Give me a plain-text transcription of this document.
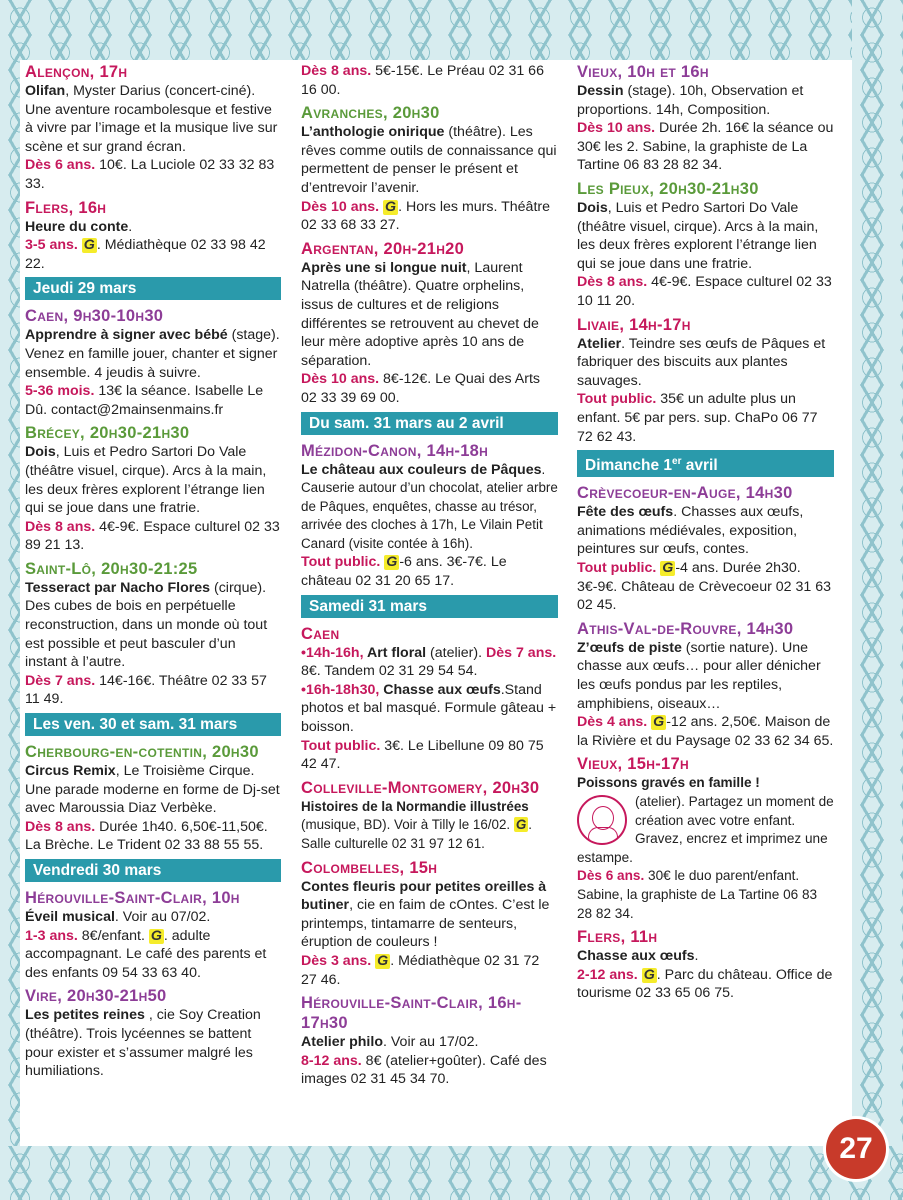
Alençon, 17h
Olifan, Myster Darius (concert-ciné). Une aventure rocambolesque et festive à vivre par l’image et la musique live sur scène et sur grand écran.
Dès 6 ans. 10€. La Luciole 02 33 32 83 33.
Flers, 16h
Heure du conte.
3-5 ans. G . Médiathèque 02 33 98 42 22.
Jeudi 29 mars
Caen, 9h30-10h30
Apprendre à signer avec bébé (stage). Venez en famille jouer, chanter et signer ensemble. 4 jeudis à suivre.
5-36 mois. 13€ la séance. Isabelle Le Dû. contact@2mainsenmains.fr
Brécey, 20h30-21h30
Dois, Luis et Pedro Sartori Do Vale (théâtre visuel, cirque). Arcs à la main, les deux frères explorent l’étrange lien qui se joue dans une fratrie.
Dès 8 ans. 4€-9€. Espace culturel 02 33 89 21 13.
Saint-Lô, 20h30-21:25
Tesseract par Nacho Flores (cirque). Des cubes de bois en perpétuelle reconstruction, dans un monde où tout est possible et peut basculer d’un instant à l’autre.
Dès 7 ans. 14€-16€. Théâtre 02 33 57 11 49.
Les ven. 30 et sam. 31 mars
Cherbourg-en-cotentin, 20h30
Circus Remix, Le Troisième Cirque. Une parade moderne en forme de Dj-set avec Maroussia Diaz Verbèke.
Dès 8 ans. Durée 1h40. 6,50€-11,50€. La Brèche. Le Trident 02 33 88 55 55.
Vendredi 30 mars
Hérouville-Saint-Clair, 10h
Éveil musical. Voir au 07/02.
1-3 ans. 8€/enfant. G . adulte accompagnant. Le café des parents et des enfants 09 54 33 63 40.
Vire, 20h30-21h50
Les petites reines , cie Soy Creation (théâtre). Trois lycéennes se battent pour exister et s’assumer malgré les humiliations.
Dès 8 ans. 5€-15€. Le Préau 02 31 66 16 00.
Avranches, 20h30
L’anthologie onirique (théâtre). Les rêves comme outils de connaissance qui permettent de penser le présent et d’entrevoir l’avenir.
Dès 10 ans. G . Hors les murs. Théâtre 02 33 68 33 27.
Argentan, 20h-21h20
Après une si longue nuit, Laurent Natrella (théâtre). Quatre orphelins, issus de cultures et de religions différentes se retrouvent au chevet de leur mère adoptive après 10 ans de séparation.
Dès 10 ans. 8€-12€. Le Quai des Arts 02 33 39 69 00.
Du sam. 31 mars au 2 avril
Mézidon-Canon, 14h-18h
Le château aux couleurs de Pâques. Causerie autour d’un chocolat, atelier arbre de Pâques, enquêtes, chasse au trésor, arrivée des cloches à 17h, Le Vilain Petit Canard (visite contée à 16h).
Tout public. G -6 ans. 3€-7€. Le château 02 31 20 65 17.
Samedi 31 mars
Caen
•14h-16h, Art floral (atelier). Dès 7 ans. 8€. Tandem 02 31 29 54 54.
•16h-18h30, Chasse aux œufs.Stand photos et bal masqué. Formule gâteau + boisson.
Tout public. 3€. Le Libellune 09 80 75 42 47.
Colleville-Montgomery, 20h30
Histoires de la Normandie illustrées (musique, BD). Voir à Tilly le 16/02. G . Salle culturelle 02 31 97 12 61.
Colombelles, 15h
Contes fleuris pour petites oreilles à butiner, cie en faim de cOntes. C’est le printemps, tintamarre de senteurs, éruption de couleurs !
Dès 3 ans. G . Médiathèque 02 31 72 27 46.
Hérouville-Saint-Clair, 16h-17h30
Atelier philo. Voir au 17/02.
8-12 ans. 8€ (atelier+goûter). Café des images 02 31 45 34 70.
Vieux, 10h et 16h
Dessin (stage). 10h, Observation et proportions. 14h, Composition.
Dès 10 ans. Durée 2h. 16€ la séance ou 30€ les 2. Sabine, la graphiste de La Tartine 06 83 28 82 34.
Les Pieux, 20h30-21h30
Dois, Luis et Pedro Sartori Do Vale (théâtre visuel, cirque). Arcs à la main, les deux frères explorent l’étrange lien qui se joue dans une fratrie.
Dès 8 ans. 4€-9€. Espace culturel 02 33 10 11 20.
Livaie, 14h-17h
Atelier. Teindre ses œufs de Pâques et fabriquer des biscuits aux plantes sauvages.
Tout public. 35€ un adulte plus un enfant. 5€ par pers. sup. ChaPo 06 77 72 62 43.
Dimanche 1er avril
Crèvecoeur-en-Auge, 14h30
Fête des œufs. Chasses aux œufs, animations médiévales, exposition, peintures sur œufs, contes.
Tout public. G -4 ans. Durée 2h30. 3€-9€. Château de Crèvecoeur 02 31 63 02 45.
Athis-Val-de-Rouvre, 14h30
Z’œufs de piste (sortie nature). Une chasse aux œufs… pour aller dénicher les œufs pondus par les reptiles, amphibiens, oiseaux…
Dès 4 ans. G -12 ans. 2,50€. Maison de la Rivière et du Paysage 02 33 62 34 65.
Vieux, 15h-17h
Poissons gravés en famille !

(atelier). Partagez un moment de création avec votre enfant. Gravez, encrez et imprimez une estampe.
Dès 6 ans. 30€ le duo parent/enfant. Sabine, la graphiste de La Tartine 06 83 28 82 34.
Flers, 11h
Chasse aux œufs.
2-12 ans. G . Parc du château. Office de tourisme 02 33 65 06 75.
27
